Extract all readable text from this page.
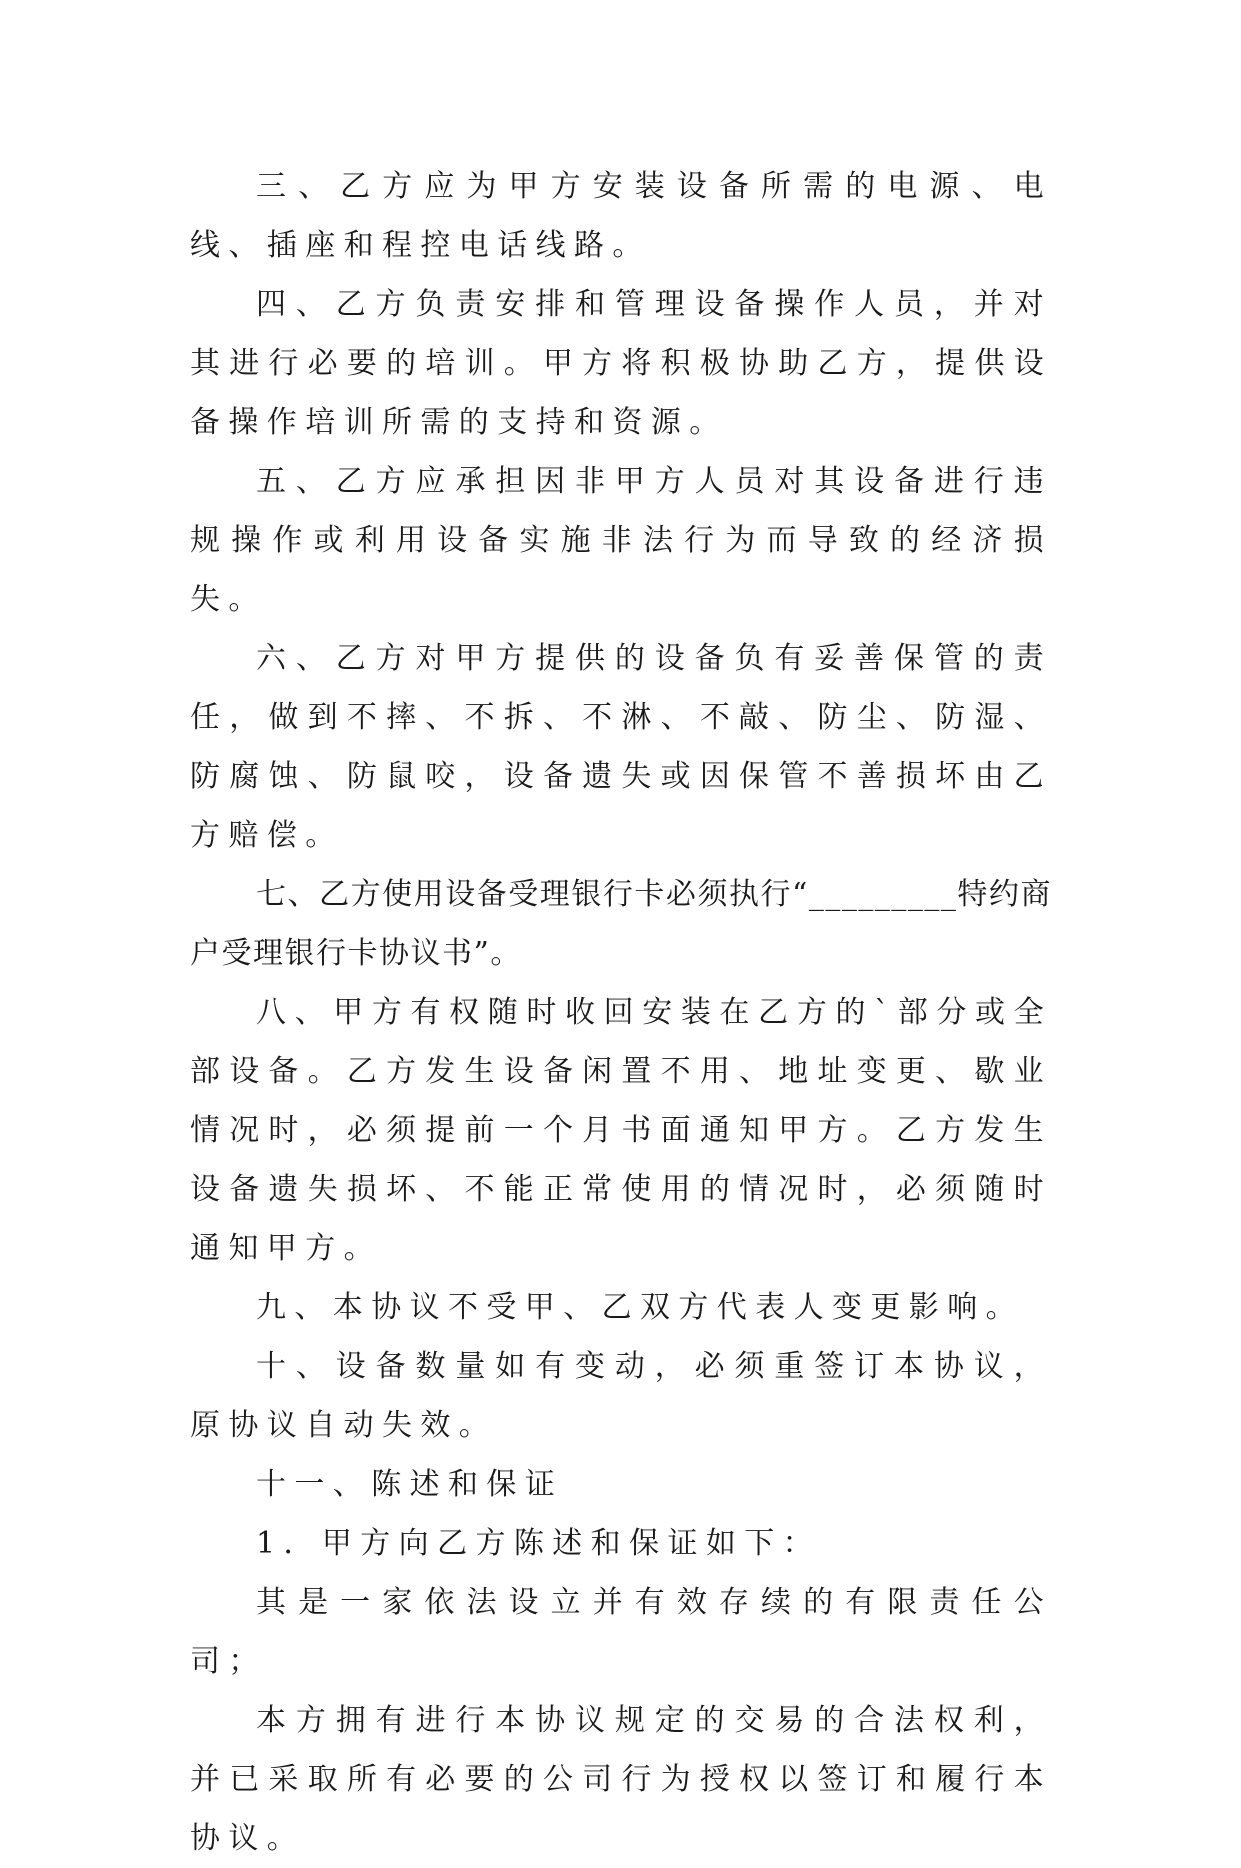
三、乙方应为甲方安装设备所需的电源、电线、插座和程控电话线路。

四、乙方负责安排和管理设备操作人员，并对其进行必要的培训。甲方将积极协助乙方，提供设备操作培训所需的支持和资源。

五、乙方应承担因非甲方人员对其设备进行违规操作或利用设备实施非法行为而导致的经济损失。

六、乙方对甲方提供的设备负有妥善保管的责任，做到不摔、不拆、不淋、不敲、防尘、防湿、防腐蚀、防鼠咬，设备遗失或因保管不善损坏由乙方赔偿。

七、乙方使用设备受理银行卡必须执行“_________特约商户受理银行卡协议书”。

八、甲方有权随时收回安装在乙方的`部分或全部设备。乙方发生设备闲置不用、地址变更、歇业情况时，必须提前一个月书面通知甲方。乙方发生设备遗失损坏、不能正常使用的情况时，必须随时通知甲方。

九、本协议不受甲、乙双方代表人变更影响。

十、设备数量如有变动，必须重签订本协议，原协议自动失效。

十一、陈述和保证

1．甲方向乙方陈述和保证如下：

其是一家依法设立并有效存续的有限责任公司；

本方拥有进行本协议规定的交易的合法权利，并已采取所有必要的公司行为授权以签订和履行本协议。
